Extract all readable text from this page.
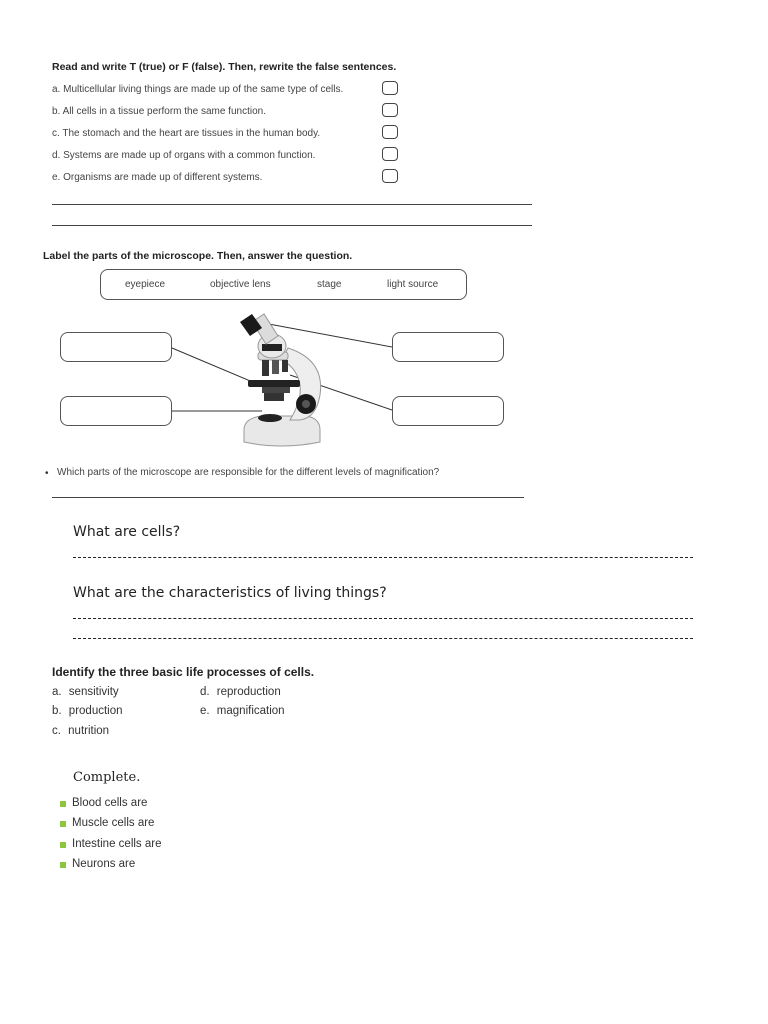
Read and write T (true) or F (false). Then, rewrite the false sentences.
a. Multicellular living things are made up of the same type of cells.
b. All cells in a tissue perform the same function.
c. The stomach and the heart are tissues in the human body.
d. Systems are made up of organs with a common function.
e. Organisms are made up of different systems.
Label the parts of the microscope. Then, answer the question.
eyepiece	objective lens	stage	light source
• Which parts of the microscope are responsible for the different levels of magnification?
What are cells?
What are the characteristics of living things?
Identify the three basic life processes of cells.
a. sensitivity
b. production
c. nutrition
d. reproduction
e. magnification
Complete.
Blood cells are
Muscle cells are
Intestine cells are
Neurons are
